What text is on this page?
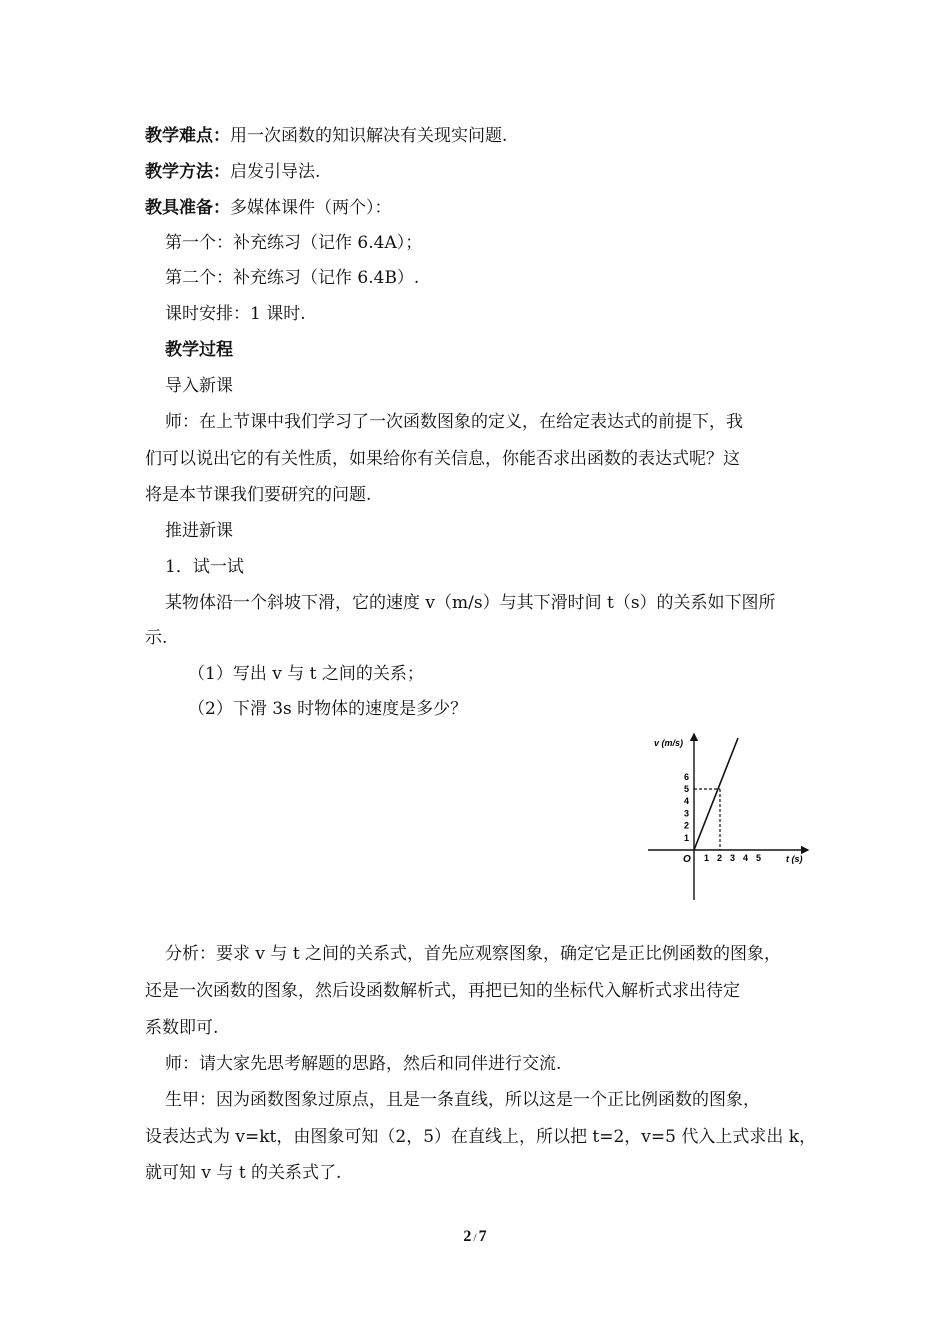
教学难点：用一次函数的知识解决有关现实问题.
教学方法：启发引导法.
教具准备：多媒体课件（两个）：
第一个：补充练习（记作 6.4A）；
第二个：补充练习（记作 6.4B）.
课时安排：1 课时.
教学过程
导入新课
师：在上节课中我们学习了一次函数图象的定义，在给定表达式的前提下，我
们可以说出它的有关性质，如果给你有关信息，你能否求出函数的表达式呢？这
将是本节课我们要研究的问题.
推进新课
1．试一试
某物体沿一个斜坡下滑，它的速度 v（m/s）与其下滑时间 t（s）的关系如下图所
示.
（1）写出 v 与 t 之间的关系；
（2）下滑 3s 时物体的速度是多少？
v (m/s)
t (s)
O
1
2
3
4
5
6
1 2 3 4 5
分析：要求 v 与 t 之间的关系式，首先应观察图象，确定它是正比例函数的图象，
还是一次函数的图象，然后设函数解析式，再把已知的坐标代入解析式求出待定
系数即可.
师：请大家先思考解题的思路，然后和同伴进行交流.
生甲：因为函数图象过原点，且是一条直线，所以这是一个正比例函数的图象，
设表达式为 v=kt，由图象可知（2，5）在直线上，所以把 t=2，v=5 代入上式求出 k，
就可知 v 与 t 的关系式了.
2 / 7
